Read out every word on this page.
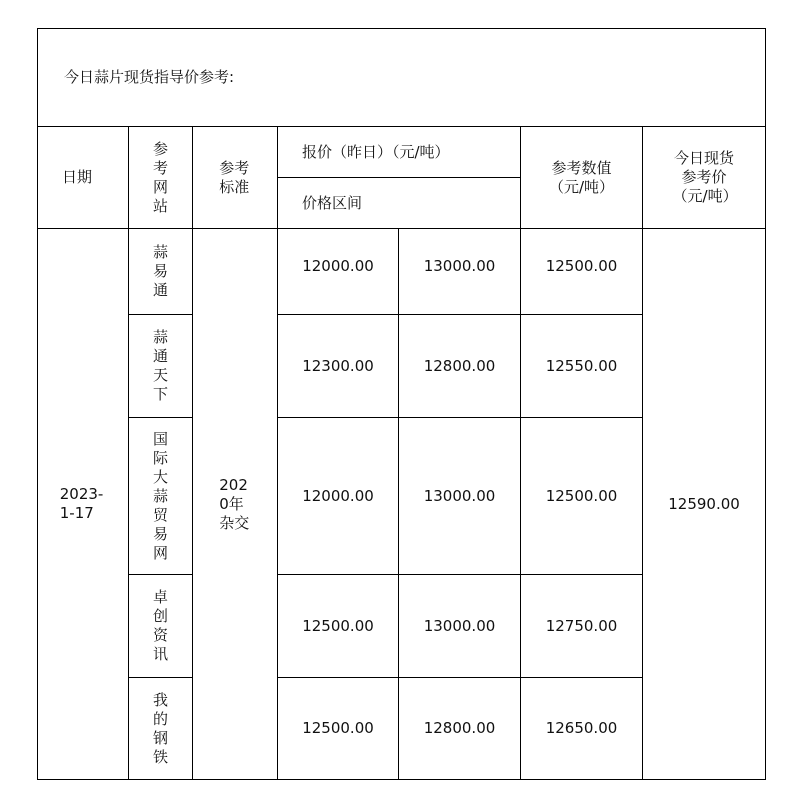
今日蒜片现货指导价参考:						
日期	参考网站	参考标准	报价（昨日）（元/吨）		参考数值（元/吨）	今日现货参考价（元/吨）
			价格区间			
2023-1-17	蒜易通	2020年杂交	12000.00	13000.00	12500.00	12590.00
	蒜通天下		12300.00	12800.00	12550.00	
	国际大蒜贸易网		12000.00	13000.00	12500.00	
	卓创资讯		12500.00	13000.00	12750.00	
	我的钢铁		12500.00	12800.00	12650.00	
